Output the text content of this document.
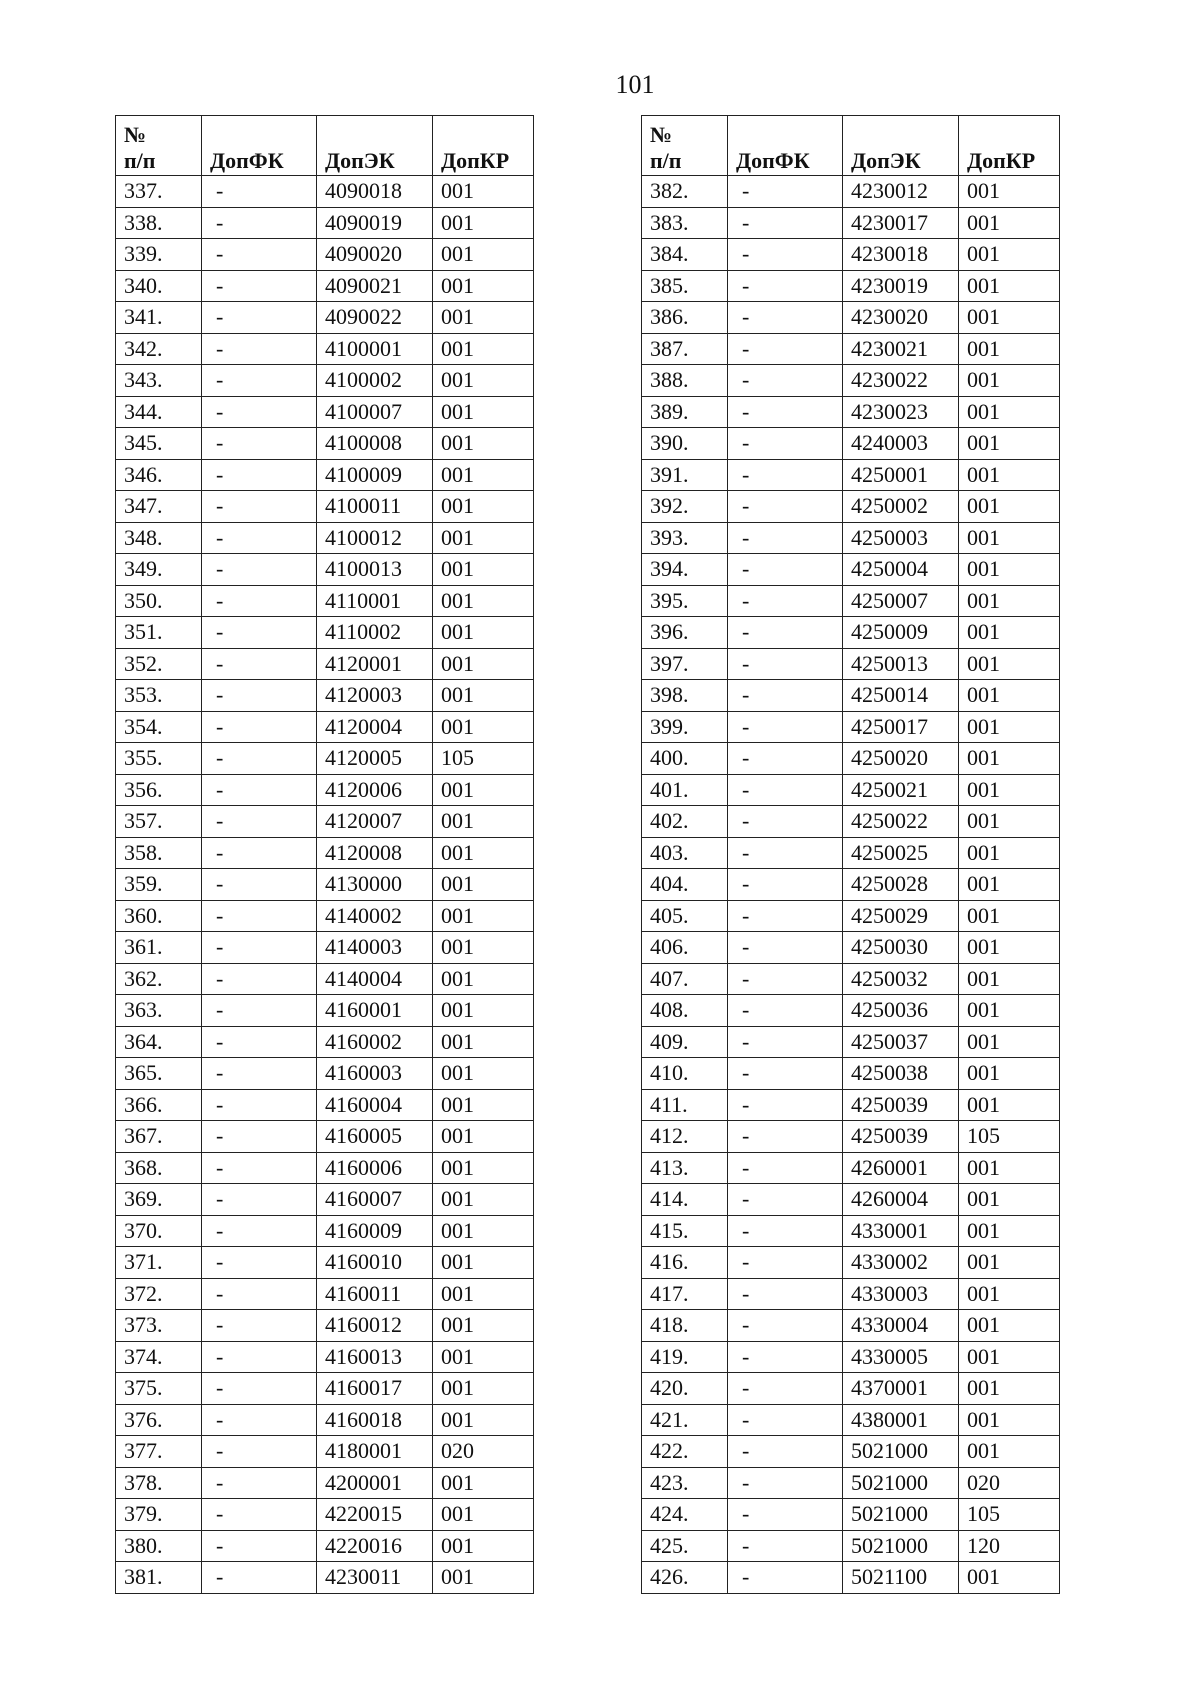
101
№
п/п	ДопФК	ДопЭК	ДопКР
337.	-	4090018	001
338.	-	4090019	001
339.	-	4090020	001
340.	-	4090021	001
341.	-	4090022	001
342.	-	4100001	001
343.	-	4100002	001
344.	-	4100007	001
345.	-	4100008	001
346.	-	4100009	001
347.	-	4100011	001
348.	-	4100012	001
349.	-	4100013	001
350.	-	4110001	001
351.	-	4110002	001
352.	-	4120001	001
353.	-	4120003	001
354.	-	4120004	001
355.	-	4120005	105
356.	-	4120006	001
357.	-	4120007	001
358.	-	4120008	001
359.	-	4130000	001
360.	-	4140002	001
361.	-	4140003	001
362.	-	4140004	001
363.	-	4160001	001
364.	-	4160002	001
365.	-	4160003	001
366.	-	4160004	001
367.	-	4160005	001
368.	-	4160006	001
369.	-	4160007	001
370.	-	4160009	001
371.	-	4160010	001
372.	-	4160011	001
373.	-	4160012	001
374.	-	4160013	001
375.	-	4160017	001
376.	-	4160018	001
377.	-	4180001	020
378.	-	4200001	001
379.	-	4220015	001
380.	-	4220016	001
381.	-	4230011	001
№
п/п	ДопФК	ДопЭК	ДопКР
382.	-	4230012	001
383.	-	4230017	001
384.	-	4230018	001
385.	-	4230019	001
386.	-	4230020	001
387.	-	4230021	001
388.	-	4230022	001
389.	-	4230023	001
390.	-	4240003	001
391.	-	4250001	001
392.	-	4250002	001
393.	-	4250003	001
394.	-	4250004	001
395.	-	4250007	001
396.	-	4250009	001
397.	-	4250013	001
398.	-	4250014	001
399.	-	4250017	001
400.	-	4250020	001
401.	-	4250021	001
402.	-	4250022	001
403.	-	4250025	001
404.	-	4250028	001
405.	-	4250029	001
406.	-	4250030	001
407.	-	4250032	001
408.	-	4250036	001
409.	-	4250037	001
410.	-	4250038	001
411.	-	4250039	001
412.	-	4250039	105
413.	-	4260001	001
414.	-	4260004	001
415.	-	4330001	001
416.	-	4330002	001
417.	-	4330003	001
418.	-	4330004	001
419.	-	4330005	001
420.	-	4370001	001
421.	-	4380001	001
422.	-	5021000	001
423.	-	5021000	020
424.	-	5021000	105
425.	-	5021000	120
426.	-	5021100	001
